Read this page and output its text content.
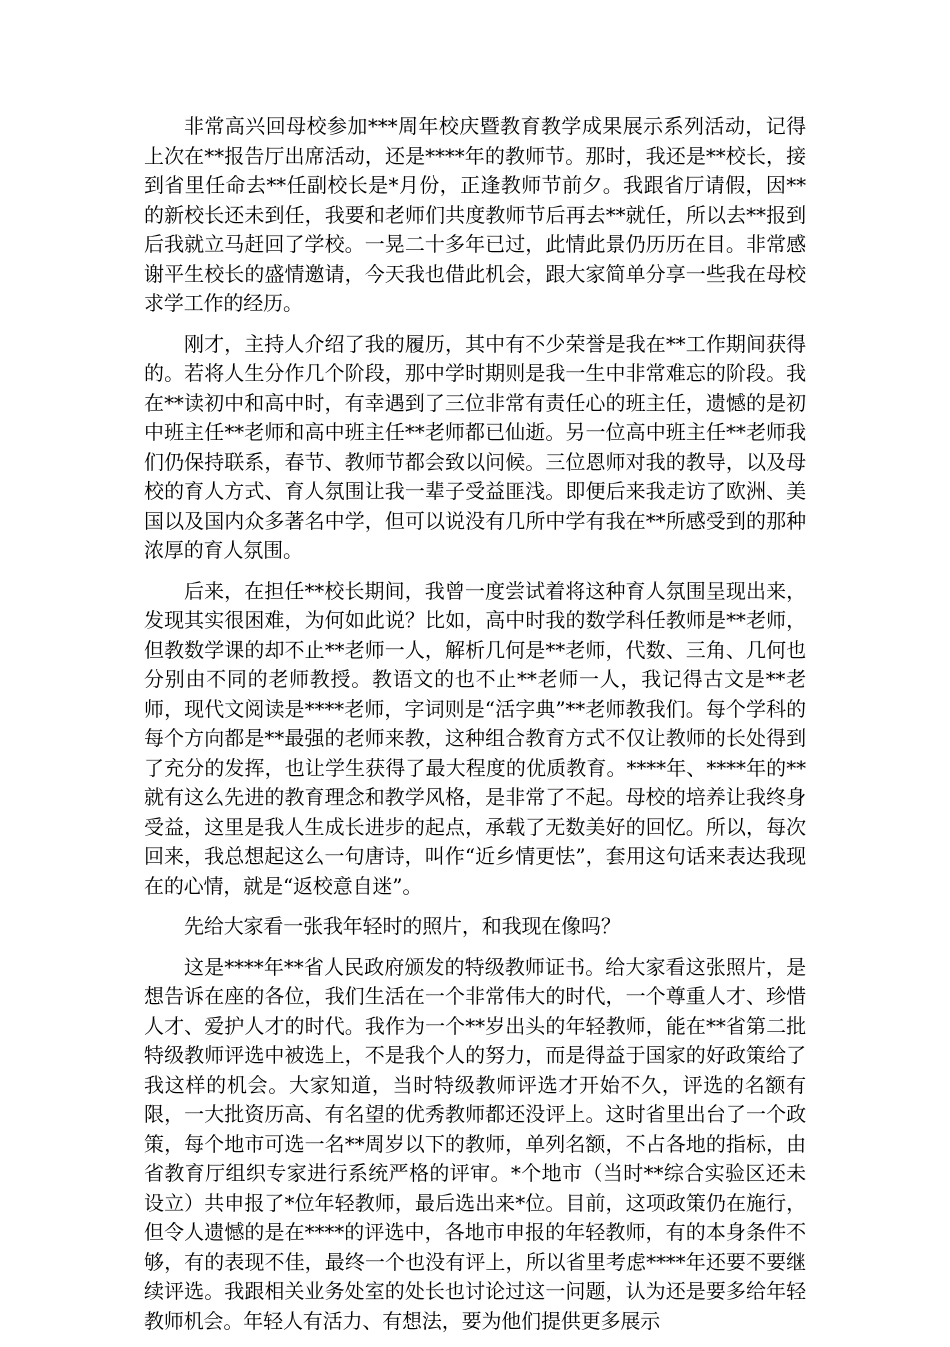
非常高兴回母校参加***周年校庆暨教育教学成果展示系列活动，记得上次在**报告厅出席活动，还是****年的教师节。那时，我还是**校长，接到省里任命去**任副校长是*月份，正逢教师节前夕。我跟省厅请假，因**的新校长还未到任，我要和老师们共度教师节后再去**就任，所以去**报到后我就立马赶回了学校。一晃二十多年已过，此情此景仍历历在目。非常感谢平生校长的盛情邀请，今天我也借此机会，跟大家简单分享一些我在母校求学工作的经历。

刚才，主持人介绍了我的履历，其中有不少荣誉是我在**工作期间获得的。若将人生分作几个阶段，那中学时期则是我一生中非常难忘的阶段。我在**读初中和高中时，有幸遇到了三位非常有责任心的班主任，遗憾的是初中班主任**老师和高中班主任**老师都已仙逝。另一位高中班主任**老师我们仍保持联系，春节、教师节都会致以问候。三位恩师对我的教导，以及母校的育人方式、育人氛围让我一辈子受益匪浅。即便后来我走访了欧洲、美国以及国内众多著名中学，但可以说没有几所中学有我在**所感受到的那种浓厚的育人氛围。

后来，在担任**校长期间，我曾一度尝试着将这种育人氛围呈现出来，发现其实很困难，为何如此说？比如，高中时我的数学科任教师是**老师，但教数学课的却不止**老师一人，解析几何是**老师，代数、三角、几何也分别由不同的老师教授。教语文的也不止**老师一人，我记得古文是**老师，现代文阅读是****老师，字词则是“活字典”**老师教我们。每个学科的每个方向都是**最强的老师来教，这种组合教育方式不仅让教师的长处得到了充分的发挥，也让学生获得了最大程度的优质教育。****年、****年的**就有这么先进的教育理念和教学风格，是非常了不起。母校的培养让我终身受益，这里是我人生成长进步的起点，承载了无数美好的回忆。所以，每次回来，我总想起这么一句唐诗，叫作“近乡情更怯”，套用这句话来表达我现在的心情，就是“返校意自迷”。

先给大家看一张我年轻时的照片，和我现在像吗？

这是****年**省人民政府颁发的特级教师证书。给大家看这张照片，是想告诉在座的各位，我们生活在一个非常伟大的时代，一个尊重人才、珍惜人才、爱护人才的时代。我作为一个**岁出头的年轻教师，能在**省第二批特级教师评选中被选上，不是我个人的努力，而是得益于国家的好政策给了我这样的机会。大家知道，当时特级教师评选才开始不久，评选的名额有限，一大批资历高、有名望的优秀教师都还没评上。这时省里出台了一个政策，每个地市可选一名**周岁以下的教师，单列名额，不占各地的指标，由省教育厅组织专家进行系统严格的评审。*个地市（当时**综合实验区还未设立）共申报了*位年轻教师，最后选出来*位。目前，这项政策仍在施行，但令人遗憾的是在****的评选中，各地市申报的年轻教师，有的本身条件不够，有的表现不佳，最终一个也没有评上，所以省里考虑****年还要不要继续评选。我跟相关业务处室的处长也讨论过这一问题，认为还是要多给年轻教师机会。年轻人有活力、有想法，要为他们提供更多展示
